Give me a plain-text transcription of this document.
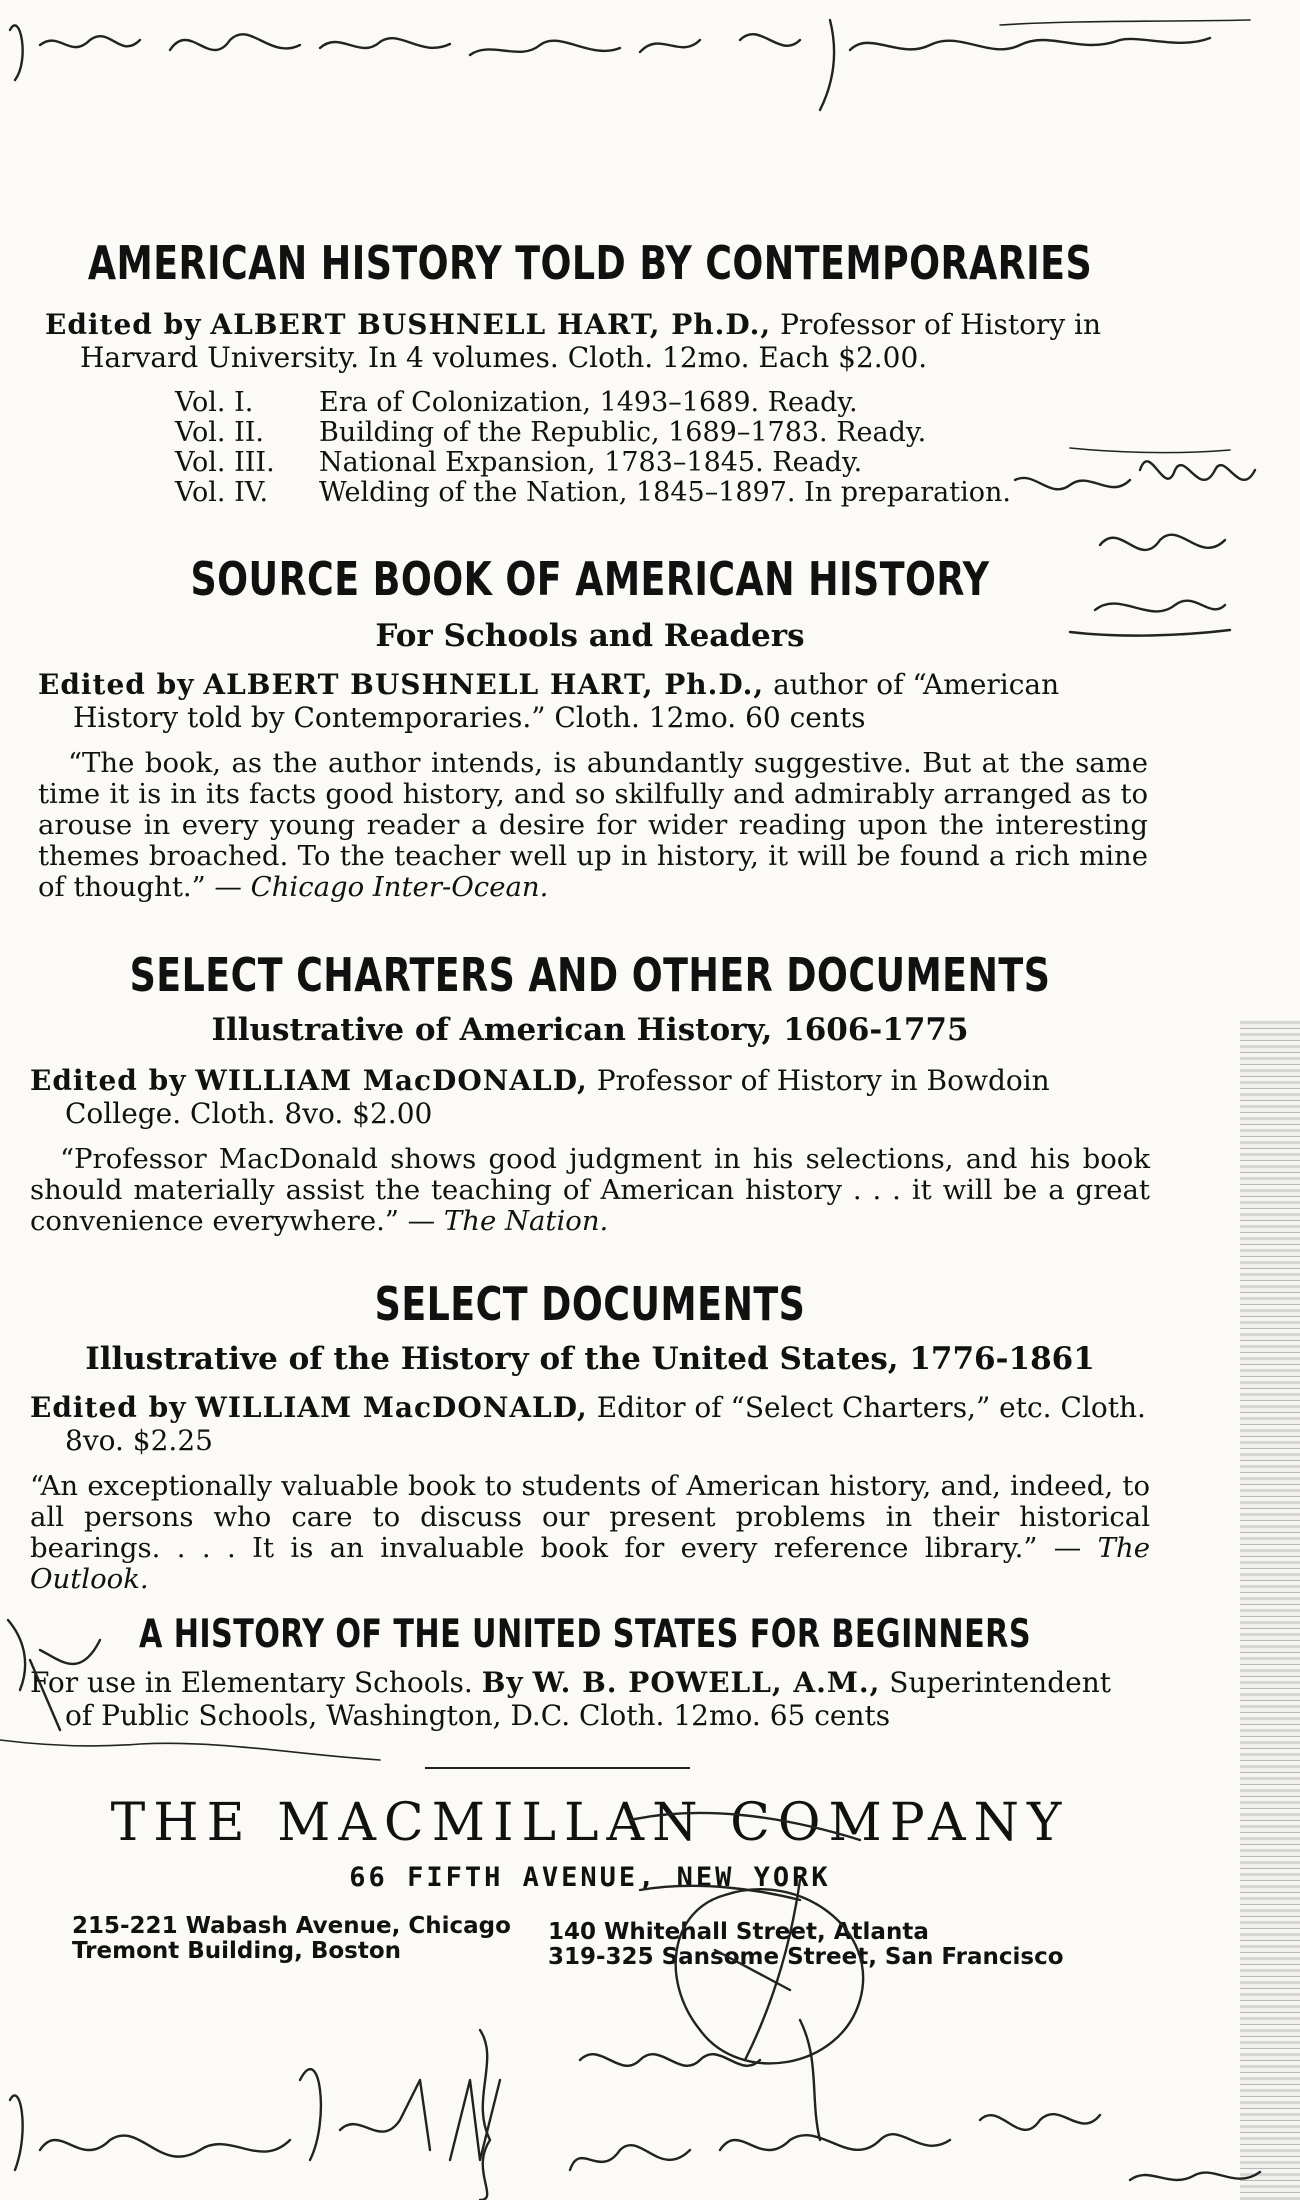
AMERICAN HISTORY TOLD BY CONTEMPORARIES

Edited by ALBERT BUSHNELL HART, Ph.D., Professor of History in Harvard University. In 4 volumes. Cloth. 12mo. Each $2.00.

Vol. I.	Era of Colonization, 1493–1689. Ready.
Vol. II.	Building of the Republic, 1689–1783. Ready.
Vol. III.	National Expansion, 1783–1845. Ready.
Vol. IV.	Welding of the Nation, 1845–1897. In preparation.
SOURCE BOOK OF AMERICAN HISTORY

For Schools and Readers

Edited by ALBERT BUSHNELL HART, Ph.D., author of “American History told by Contemporaries.” Cloth. 12mo. 60 cents

“The book, as the author intends, is abundantly suggestive. But at the same time it is in its facts good history, and so skilfully and admirably arranged as to arouse in every young reader a desire for wider reading upon the interesting themes broached. To the teacher well up in history, it will be found a rich mine of thought.” — Chicago Inter-Ocean.

SELECT CHARTERS AND OTHER DOCUMENTS

Illustrative of American History, 1606-1775

Edited by WILLIAM MacDONALD, Professor of History in Bowdoin College. Cloth. 8vo. $2.00

“Professor MacDonald shows good judgment in his selections, and his book should materially assist the teaching of American history . . . it will be a great convenience everywhere.” — The Nation.

SELECT DOCUMENTS

Illustrative of the History of the United States, 1776-1861

Edited by WILLIAM MacDONALD, Editor of “Select Charters,” etc. Cloth. 8vo. $2.25

“An exceptionally valuable book to students of American history, and, indeed, to all persons who care to discuss our present problems in their historical bearings. . . . It is an invaluable book for every reference library.” — The Outlook.

A HISTORY OF THE UNITED STATES FOR BEGINNERS

For use in Elementary Schools. By W. B. POWELL, A.M., Superintendent of Public Schools, Washington, D.C. Cloth. 12mo. 65 cents

THE MACMILLAN COMPANY
66 FIFTH AVENUE, NEW YORK
215-221 Wabash Avenue, Chicago
Tremont Building, Boston
140 Whitehall Street, Atlanta
319-325 Sansome Street, San Francisco
